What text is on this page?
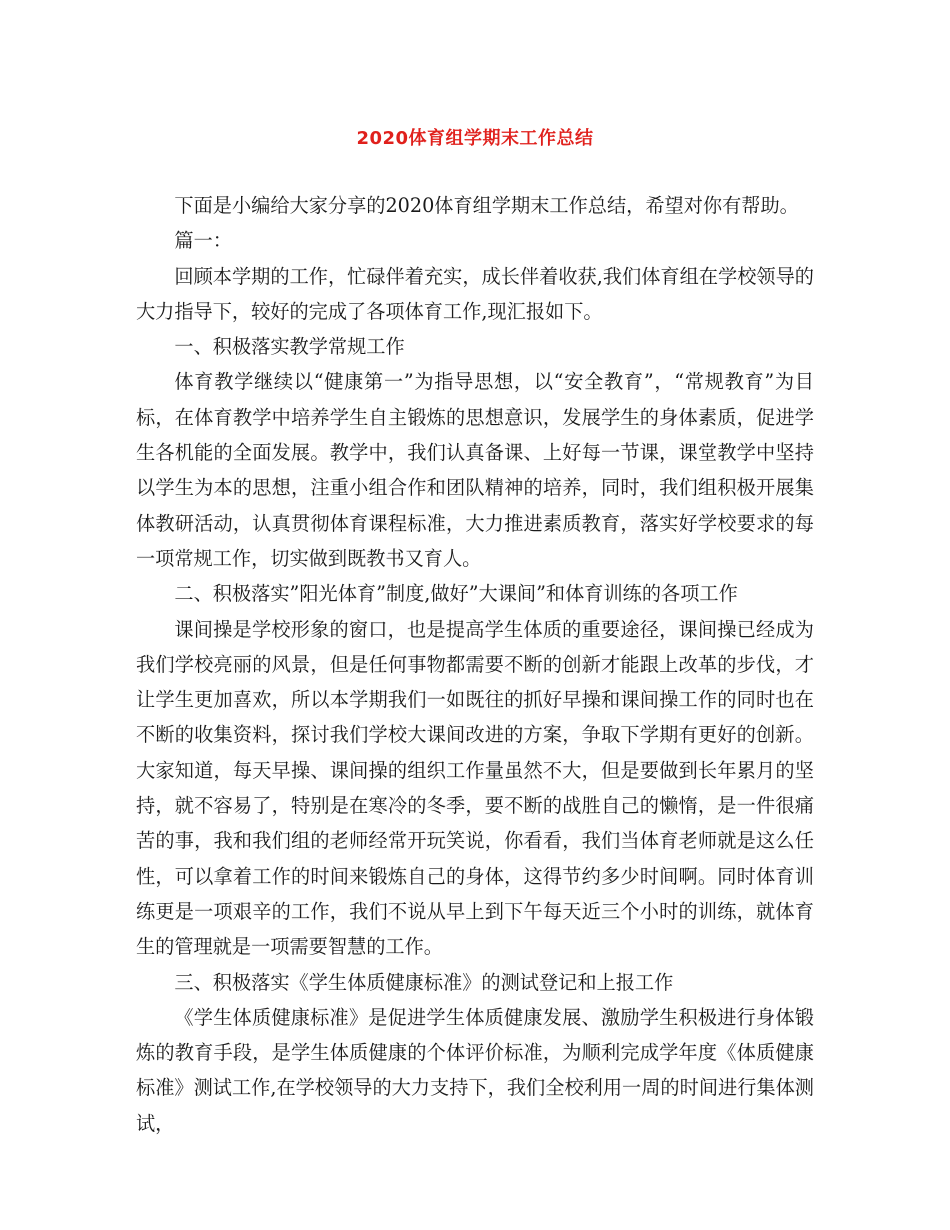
2020体育组学期末工作总结

下面是小编给大家分享的2020体育组学期末工作总结，希望对你有帮助。

篇一：

回顾本学期的工作，忙碌伴着充实，成长伴着收获,我们体育组在学校领导的大力指导下，较好的完成了各项体育工作,现汇报如下。

一、积极落实教学常规工作

体育教学继续以“健康第一”为指导思想，以“安全教育”，“常规教育”为目标，在体育教学中培养学生自主锻炼的思想意识，发展学生的身体素质，促进学生各机能的全面发展。教学中，我们认真备课、上好每一节课，课堂教学中坚持以学生为本的思想，注重小组合作和团队精神的培养，同时，我们组积极开展集体教研活动，认真贯彻体育课程标准，大力推进素质教育，落实好学校要求的每一项常规工作，切实做到既教书又育人。

二、积极落实”阳光体育”制度,做好”大课间”和体育训练的各项工作

课间操是学校形象的窗口，也是提高学生体质的重要途径，课间操已经成为我们学校亮丽的风景，但是任何事物都需要不断的创新才能跟上改革的步伐，才让学生更加喜欢，所以本学期我们一如既往的抓好早操和课间操工作的同时也在不断的收集资料，探讨我们学校大课间改进的方案，争取下学期有更好的创新。大家知道，每天早操、课间操的组织工作量虽然不大，但是要做到长年累月的坚持，就不容易了，特别是在寒冷的冬季，要不断的战胜自己的懒惰，是一件很痛苦的事，我和我们组的老师经常开玩笑说，你看看，我们当体育老师就是这么任性，可以拿着工作的时间来锻炼自己的身体，这得节约多少时间啊。同时体育训练更是一项艰辛的工作，我们不说从早上到下午每天近三个小时的训练，就体育生的管理就是一项需要智慧的工作。

三、积极落实《学生体质健康标准》的测试登记和上报工作

《学生体质健康标准》是促进学生体质健康发展、激励学生积极进行身体锻炼的教育手段，是学生体质健康的个体评价标准，为顺利完成学年度《体质健康标准》测试工作,在学校领导的大力支持下，我们全校利用一周的时间进行集体测试，
